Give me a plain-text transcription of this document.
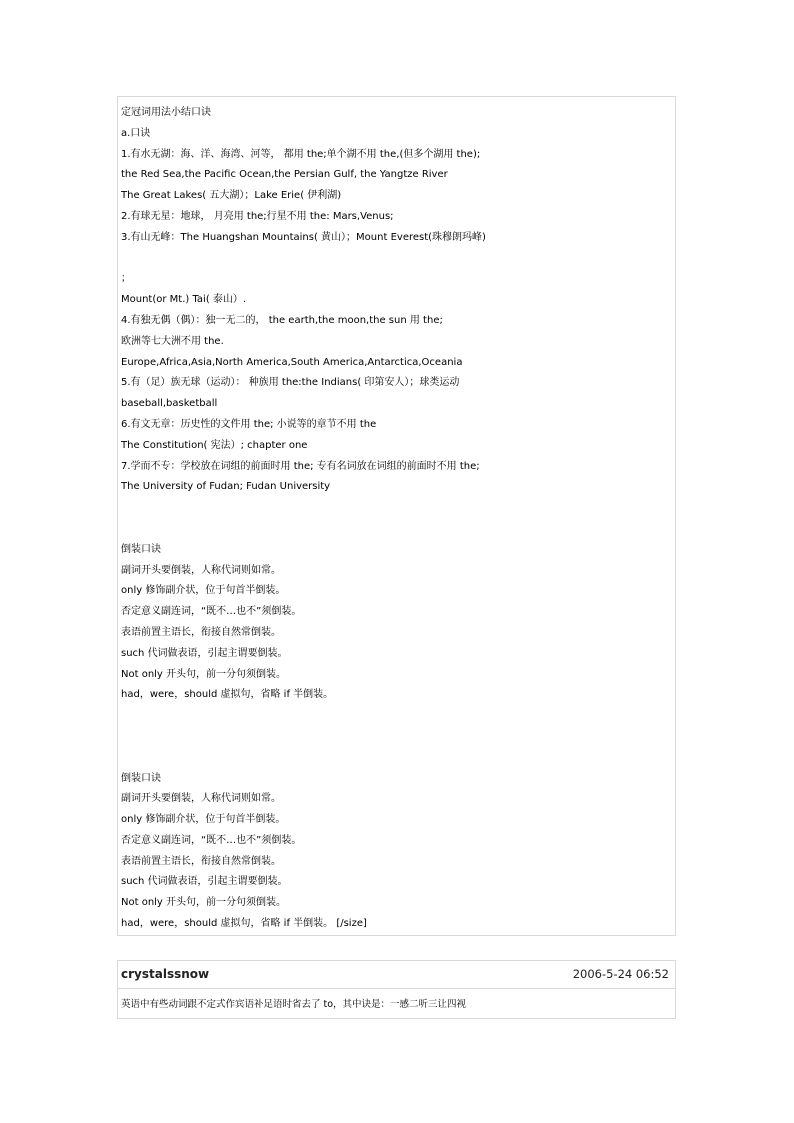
定冠词用法小结口诀
a.口诀
1.有水无湖：海、洋、海湾、河等， 都用 the;单个湖不用 the,(但多个湖用 the);
the Red Sea,the Pacific Ocean,the Persian Gulf, the Yangtze River
The Great Lakes( 五大湖）；Lake Erie( 伊利湖)
2.有球无星：地球， 月亮用 the;行星不用 the: Mars,Venus;
3.有山无峰：The Huangshan Mountains( 黄山）；Mount Everest(珠穆朗玛峰)
；
Mount(or Mt.) Tai( 泰山）.
4.有独无偶（偶）：独一无二的， the earth,the moon,the sun 用 the;
欧洲等七大洲不用 the.
Europe,Africa,Asia,North America,South America,Antarctica,Oceania
5.有（足）族无球（运动）： 种族用 the:the Indians( 印第安人）；球类运动
baseball,basketball
6.有文无章：历史性的文件用 the; 小说等的章节不用 the
The Constitution( 宪法）; chapter one
7.学而不专：学校放在词组的前面时用 the; 专有名词放在词组的前面时不用 the;
The University of Fudan; Fudan University
倒装口诀
副词开头要倒装，人称代词则如常。
only 修饰副介状，位于句首半倒装。
否定意义副连词，“既不…也不”须倒装。
表语前置主语长，衔接自然常倒装。
such 代词做表语，引起主谓要倒装。
Not only 开头句，前一分句须倒装。
had，were，should 虚拟句，省略 if 半倒装。
倒装口诀
副词开头要倒装，人称代词则如常。
only 修饰副介状，位于句首半倒装。
否定意义副连词，“既不…也不”须倒装。
表语前置主语长，衔接自然常倒装。
such 代词做表语，引起主谓要倒装。
Not only 开头句，前一分句须倒装。
had，were，should 虚拟句，省略 if 半倒装。 [/size]
crystalssnow	2006-5-24 06:52
英语中有些动词跟不定式作宾语补足语时省去了 to，其中诀是：一感二听三让四视
